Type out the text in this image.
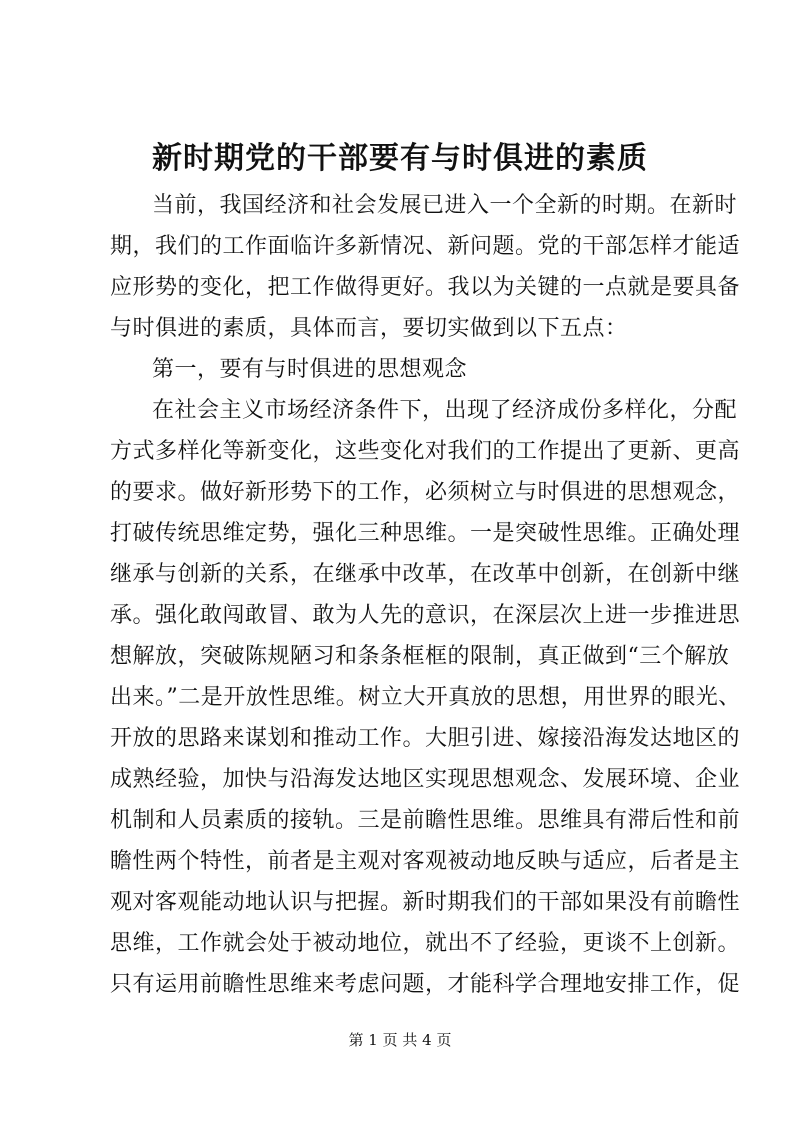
新时期党的干部要有与时俱进的素质
当前，我国经济和社会发展已进入一个全新的时期。在新时
期，我们的工作面临许多新情况、新问题。党的干部怎样才能适
应形势的变化，把工作做得更好。我以为关键的一点就是要具备
与时俱进的素质，具体而言，要切实做到以下五点：
第一，要有与时俱进的思想观念
在社会主义市场经济条件下，出现了经济成份多样化，分配
方式多样化等新变化，这些变化对我们的工作提出了更新、更高
的要求。做好新形势下的工作，必须树立与时俱进的思想观念，
打破传统思维定势，强化三种思维。一是突破性思维。正确处理
继承与创新的关系，在继承中改革，在改革中创新，在创新中继
承。强化敢闯敢冒、敢为人先的意识，在深层次上进一步推进思
想解放，突破陈规陋习和条条框框的限制，真正做到“三个解放
出来。”二是开放性思维。树立大开真放的思想，用世界的眼光、
开放的思路来谋划和推动工作。大胆引进、嫁接沿海发达地区的
成熟经验，加快与沿海发达地区实现思想观念、发展环境、企业
机制和人员素质的接轨。三是前瞻性思维。思维具有滞后性和前
瞻性两个特性，前者是主观对客观被动地反映与适应，后者是主
观对客观能动地认识与把握。新时期我们的干部如果没有前瞻性
思维，工作就会处于被动地位，就出不了经验，更谈不上创新。
只有运用前瞻性思维来考虑问题，才能科学合理地安排工作，促
第 1 页 共 4 页
